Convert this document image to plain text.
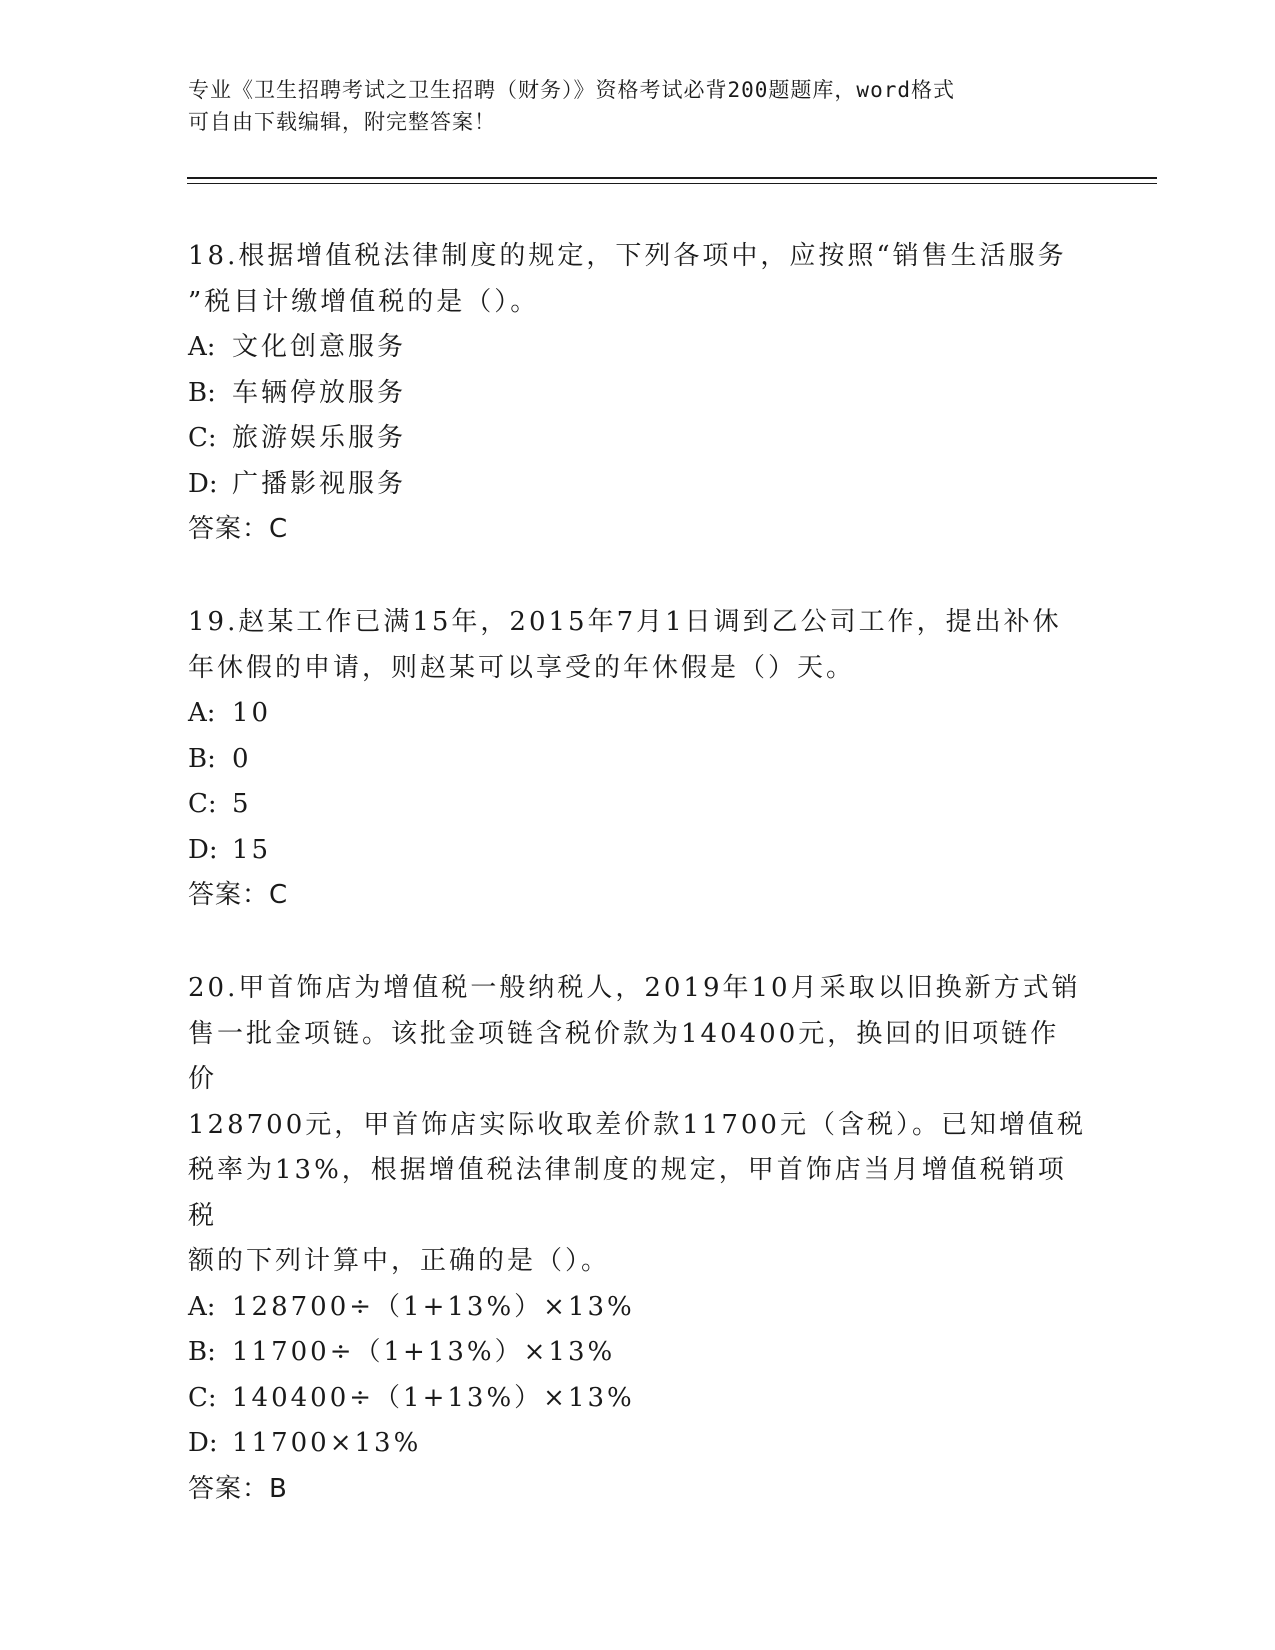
专业《卫生招聘考试之卫生招聘（财务）》资格考试必背200题题库，word格式
可自由下载编辑，附完整答案！
18.根据增值税法律制度的规定，下列各项中，应按照“销售生活服务
”税目计缴增值税的是（）。
A: 文化创意服务
B: 车辆停放服务
C: 旅游娱乐服务
D: 广播影视服务
答案：C
19.赵某工作已满15年，2015年7月1日调到乙公司工作，提出补休
年休假的申请，则赵某可以享受的年休假是（）天。
A: 10
B: 0
C: 5
D: 15
答案：C
20.甲首饰店为增值税一般纳税人，2019年10月采取以旧换新方式销
售一批金项链。该批金项链含税价款为140400元，换回的旧项链作价
128700元，甲首饰店实际收取差价款11700元（含税）。已知增值税
税率为13%，根据增值税法律制度的规定，甲首饰店当月增值税销项税
额的下列计算中，正确的是（）。
A: 128700÷（1+13%）×13%
B: 11700÷（1+13%）×13%
C: 140400÷（1+13%）×13%
D: 11700×13%
答案：B
